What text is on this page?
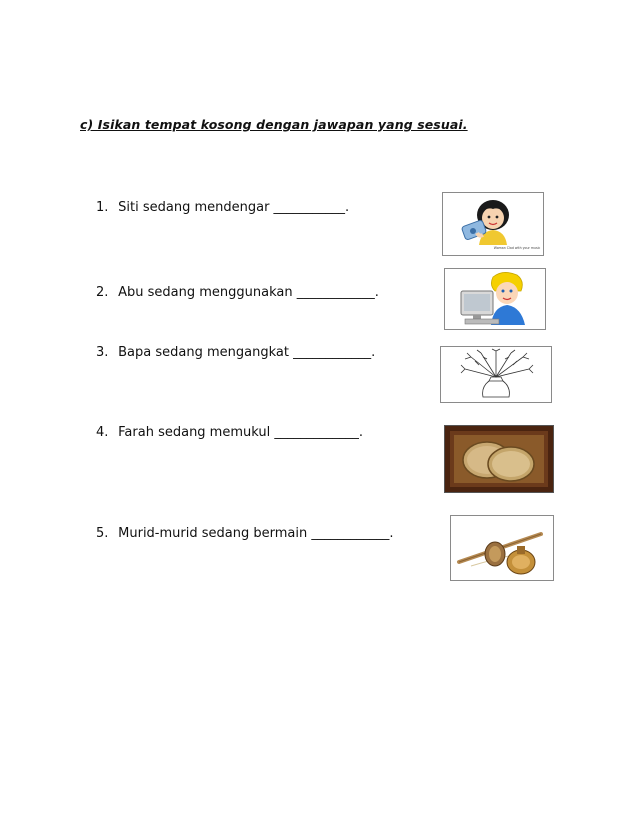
c) Isikan tempat kosong dengan jawapan yang sesuai.
1. Siti sedang mendengar ___________.
Woman Clad with your music
2. Abu sedang menggunakan ____________.
3. Bapa sedang mengangkat ____________.
4. Farah sedang memukul _____________.
5. Murid-murid sedang bermain ____________.
